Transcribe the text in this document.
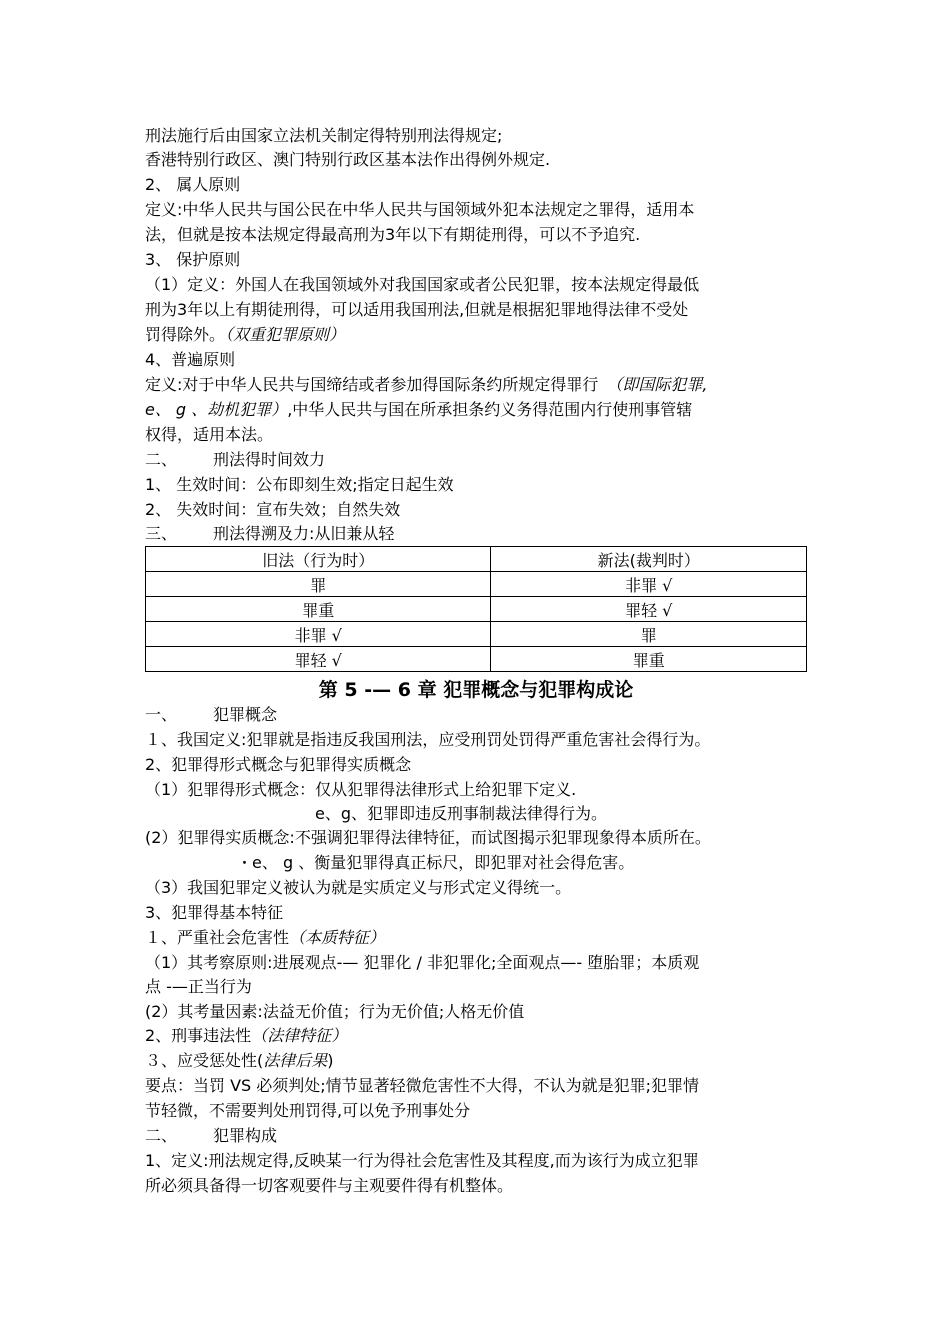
刑法施行后由国家立法机关制定得特别刑法得规定;
香港特别行政区、澳门特别行政区基本法作出得例外规定.
2、 属人原则
定义:中华人民共与国公民在中华人民共与国领域外犯本法规定之罪得，适用本
法，但就是按本法规定得最高刑为3年以下有期徒刑得，可以不予追究.
3、 保护原则
（1）定义：外国人在我国领域外对我国国家或者公民犯罪，按本法规定得最低
刑为3年以上有期徒刑得，可以适用我国刑法,但就是根据犯罪地得法律不受处
罚得除外。（双重犯罪原则）
4、普遍原则
定义:对于中华人民共与国缔结或者参加得国际条约所规定得罪行 （即国际犯罪,
e、 g 、劫机犯罪）,中华人民共与国在所承担条约义务得范围内行使刑事管辖
权得，适用本法。
二、 刑法得时间效力
1、 生效时间：公布即刻生效;指定日起生效
2、 失效时间：宣布失效；自然失效
三、 刑法得溯及力:从旧兼从轻
旧法（行为时）	新法(裁判时）
罪	非罪 √
罪重	罪轻 √
非罪 √	罪
罪轻 √	罪重
第 5 -— 6 章 犯罪概念与犯罪构成论
一、 犯罪概念
１、我国定义:犯罪就是指违反我国刑法，应受刑罚处罚得严重危害社会得行为。
2、犯罪得形式概念与犯罪得实质概念
（1）犯罪得形式概念：仅从犯罪得法律形式上给犯罪下定义.
e、g、犯罪即违反刑事制裁法律得行为。
(2）犯罪得实质概念:不强调犯罪得法律特征，而试图揭示犯罪现象得本质所在。
ꞏ e、 g 、衡量犯罪得真正标尺，即犯罪对社会得危害。
（3）我国犯罪定义被认为就是实质定义与形式定义得统一。
3、犯罪得基本特征
１、严重社会危害性（本质特征）
（1）其考察原则:进展观点-— 犯罪化 / 非犯罪化;全面观点—- 堕胎罪；本质观
点 -—正当行为
(2）其考量因素:法益无价值；行为无价值;人格无价值
2、刑事违法性（法律特征）
３、应受惩处性(法律后果)
要点：当罚 VS 必须判处;情节显著轻微危害性不大得，不认为就是犯罪;犯罪情
节轻微，不需要判处刑罚得,可以免予刑事处分
二、 犯罪构成
1、定义:刑法规定得,反映某一行为得社会危害性及其程度,而为该行为成立犯罪
所必须具备得一切客观要件与主观要件得有机整体。
